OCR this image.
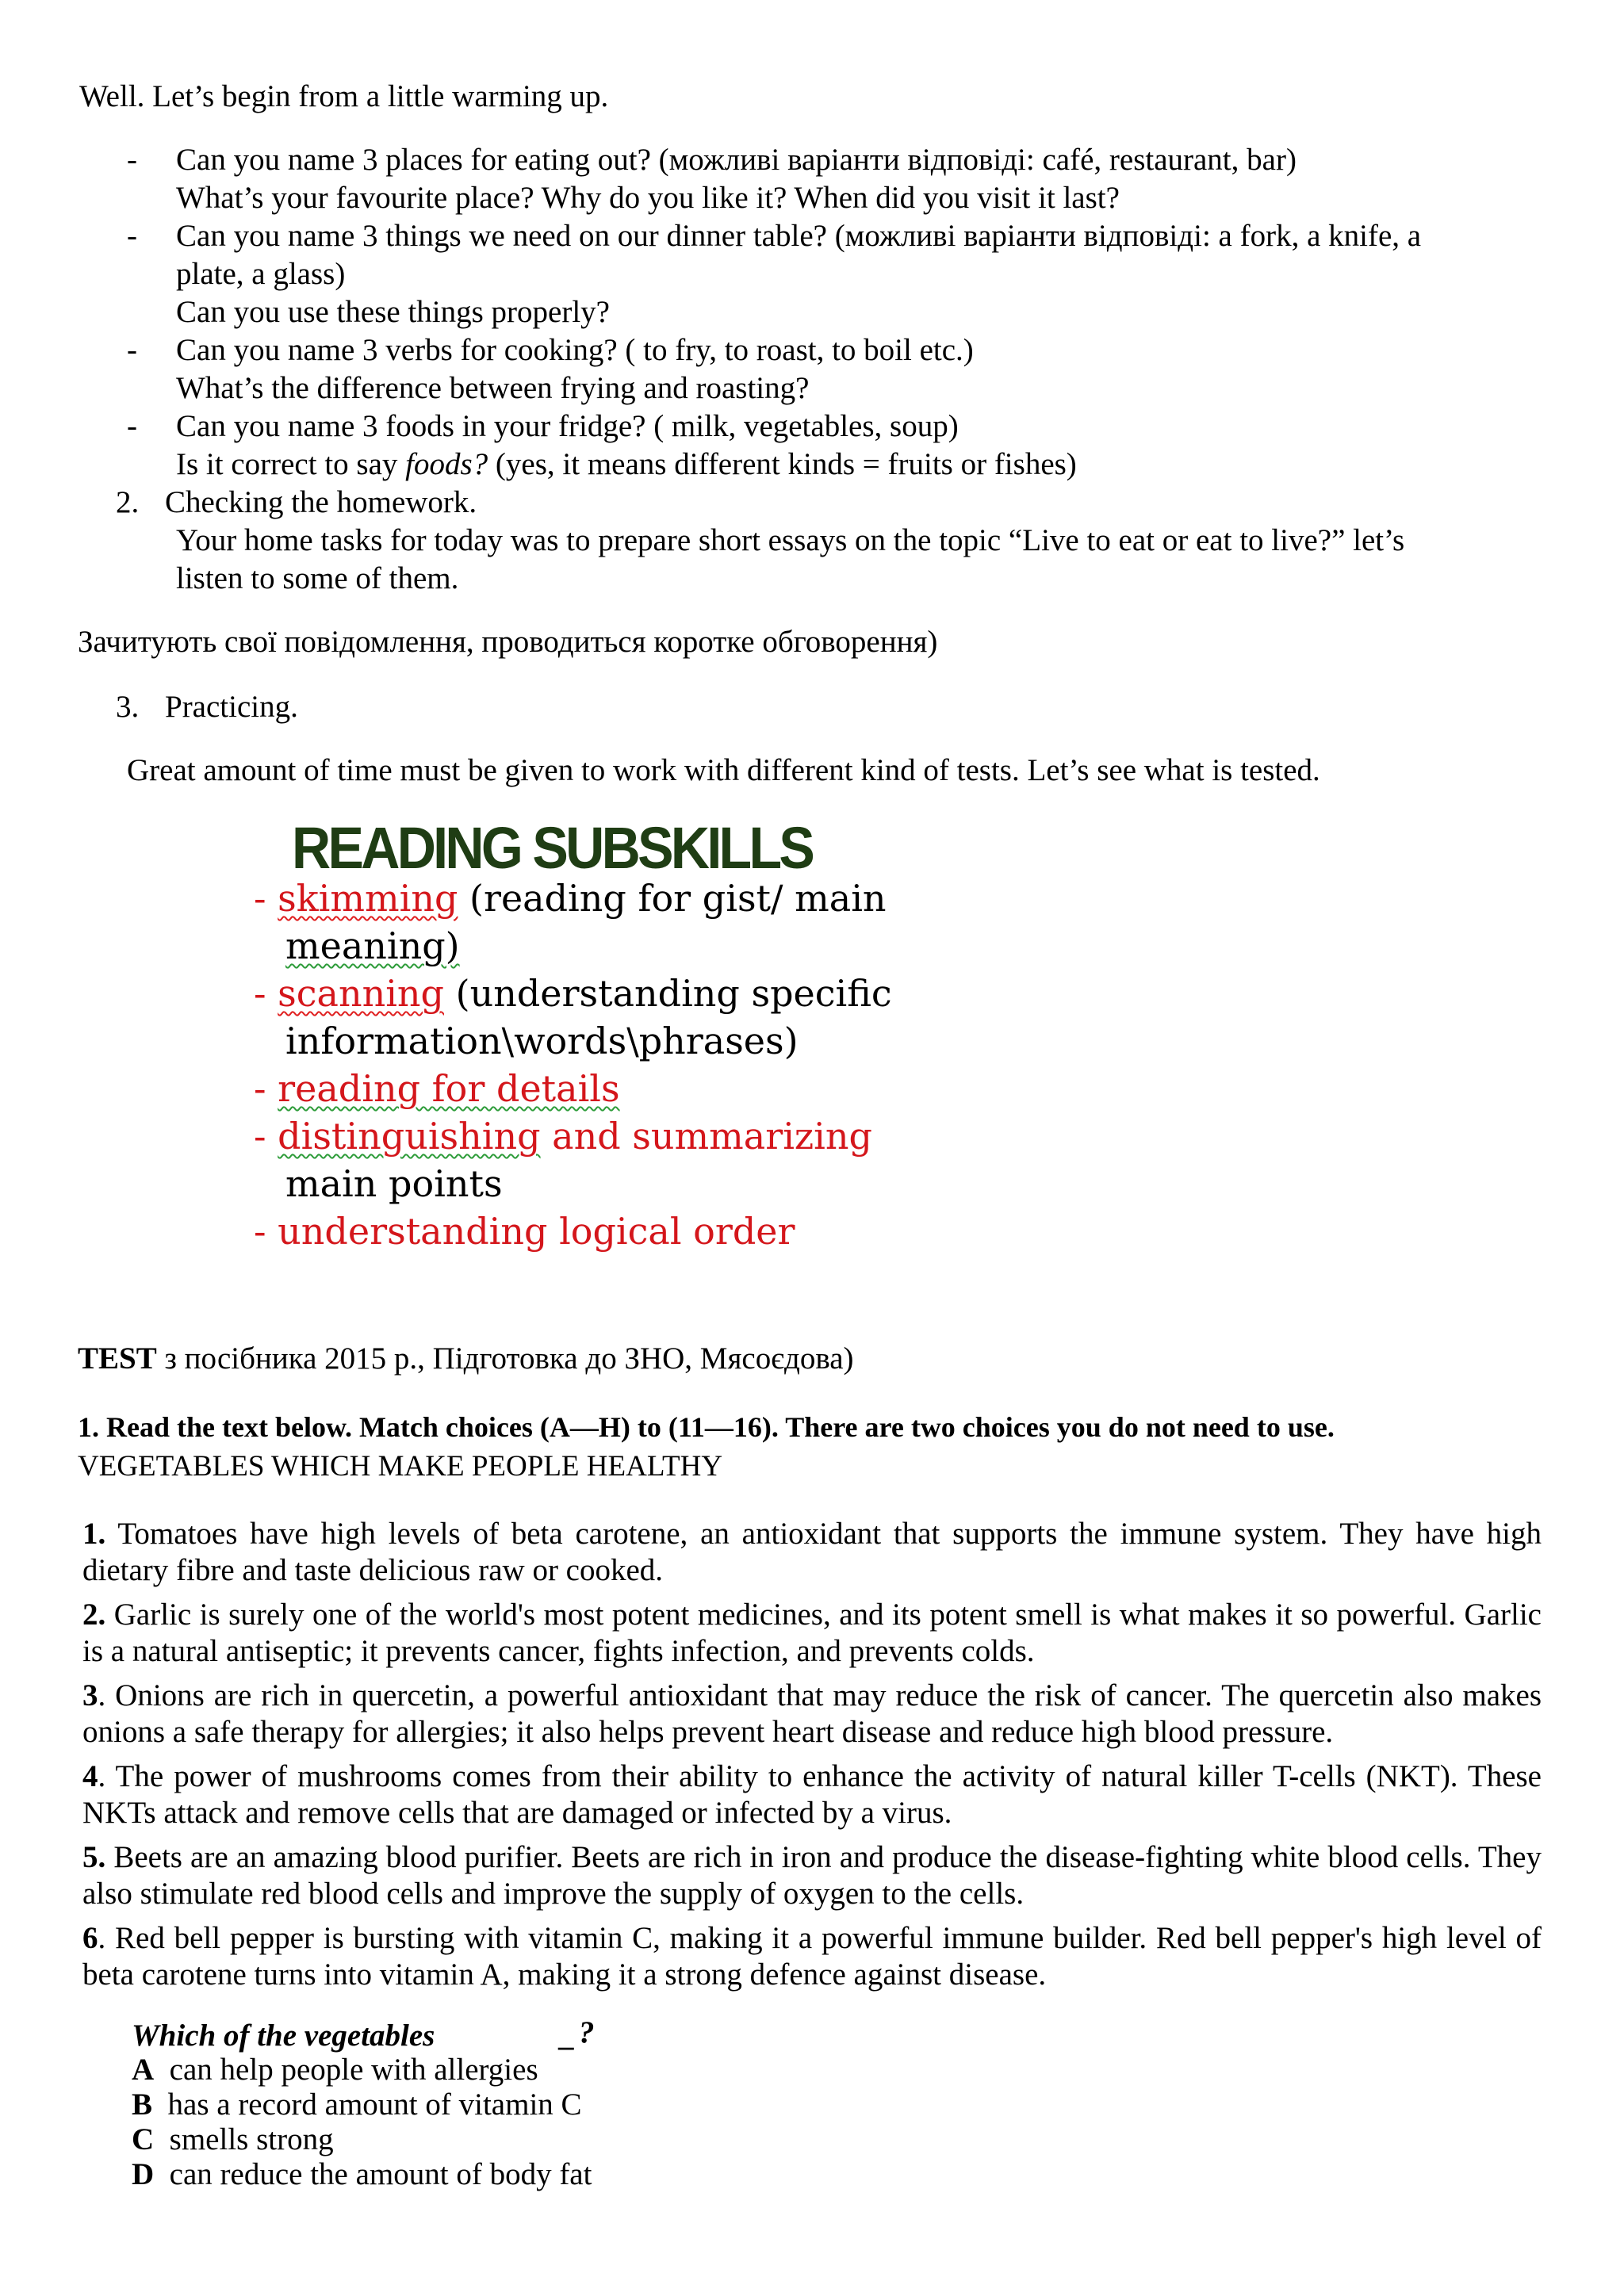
Well. Let’s begin from a little warming up.
- Can you name 3 places for eating out? (можливі варіанти відповіді: café, restaurant, bar)
What’s your favourite place? Why do you like it? When did you visit it last?
- Can you name 3 things we need on our dinner table? (можливі варіанти відповіді: a fork, a knife, a
plate, a glass)
Can you use these things properly?
- Can you name 3 verbs for cooking? ( to fry, to roast, to boil etc.)
What’s the difference between frying and roasting?
- Can you name 3 foods in your fridge? ( milk, vegetables, soup)
Is it correct to say foods? (yes, it means different kinds = fruits or fishes)
2. Checking the homework.
Your home tasks for today was to prepare short essays on the topic “Live to eat or eat to live?” let’s
listen to some of them.
Зачитують свої повідомлення, проводиться коротке обговорення)
3. Practicing.
Great amount of time must be given to work with different kind of tests. Let’s see what is tested.
READING SUBSKILLS
- skimming (reading for gist/ main
meaning)
- scanning (understanding specific
information\words\phrases)
- reading for details
- distinguishing and summarizing
main points
- understanding logical order
TEST з посібника 2015 р., Підготовка до ЗНО, Мясоєдова)
1. Read the text below. Match choices (A—H) to (11—16). There are two choices you do not need to use.
VEGETABLES WHICH MAKE PEOPLE HEALTHY
1. Tomatoes have high levels of beta carotene, an antioxidant that supports the immune system. They have high dietary fibre and taste delicious raw or cooked.
2. Garlic is surely one of the world's most potent medicines, and its potent smell is what makes it so powerful. Garlic is a natural antiseptic; it prevents cancer, fights infection, and prevents colds.
3. Onions are rich in quercetin, a powerful antioxidant that may reduce the risk of cancer. The quercetin also makes onions a safe therapy for allergies; it also helps prevent heart disease and reduce high blood pressure.
4. The power of mushrooms comes from their ability to enhance the activity of natural killer T-cells (NKT). These NKTs attack and remove cells that are damaged or infected by a virus.
5. Beets are an amazing blood purifier. Beets are rich in iron and produce the disease-fighting white blood cells. They also stimulate red blood cells and improve the supply of oxygen to the cells.
6. Red bell pepper is bursting with vitamin C, making it a powerful immune builder. Red bell pepper's high level of beta carotene turns into vitamin A, making it a strong defence against disease.
Which of the vegetables	_ ?
A can help people with allergies
B has a record amount of vitamin C
C smells strong
D can reduce the amount of body fat
